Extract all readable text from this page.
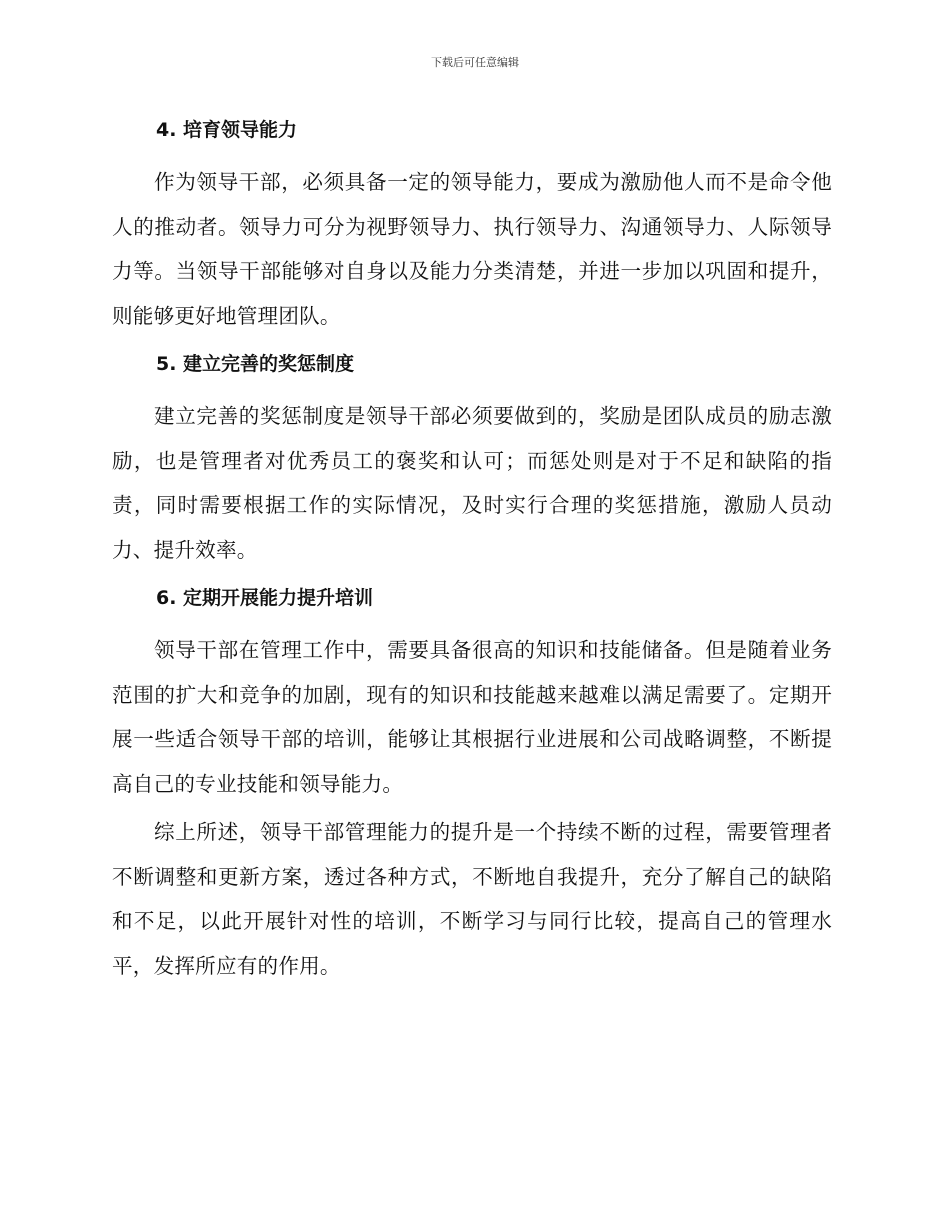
下载后可任意编辑
4. 培育领导能力

作为领导干部，必须具备一定的领导能力，要成为激励他人而不是命令他人的推动者。领导力可分为视野领导力、执行领导力、沟通领导力、人际领导力等。当领导干部能够对自身以及能力分类清楚，并进一步加以巩固和提升，则能够更好地管理团队。

5. 建立完善的奖惩制度

建立完善的奖惩制度是领导干部必须要做到的，奖励是团队成员的励志激励，也是管理者对优秀员工的褒奖和认可；而惩处则是对于不足和缺陷的指责，同时需要根据工作的实际情况，及时实行合理的奖惩措施，激励人员动力、提升效率。

6. 定期开展能力提升培训

领导干部在管理工作中，需要具备很高的知识和技能储备。但是随着业务范围的扩大和竞争的加剧，现有的知识和技能越来越难以满足需要了。定期开展一些适合领导干部的培训，能够让其根据行业进展和公司战略调整，不断提高自己的专业技能和领导能力。

综上所述，领导干部管理能力的提升是一个持续不断的过程，需要管理者不断调整和更新方案，透过各种方式，不断地自我提升，充分了解自己的缺陷和不足，以此开展针对性的培训，不断学习与同行比较，提高自己的管理水平，发挥所应有的作用。
